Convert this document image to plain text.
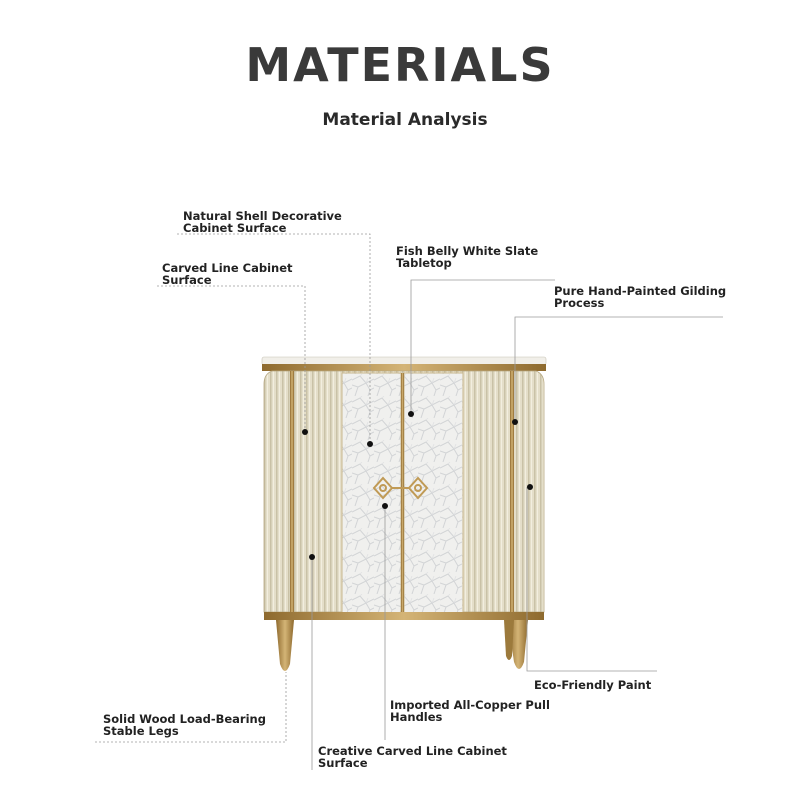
MATERIALS
Material Analysis
Natural Shell Decorative
Cabinet Surface
Carved Line Cabinet
Surface
Fish Belly White Slate
Tabletop
Pure Hand-Painted Gilding
Process
Eco-Friendly Paint
Imported All-Copper Pull
Handles
Solid Wood Load-Bearing
Stable Legs
Creative Carved Line Cabinet
Surface
